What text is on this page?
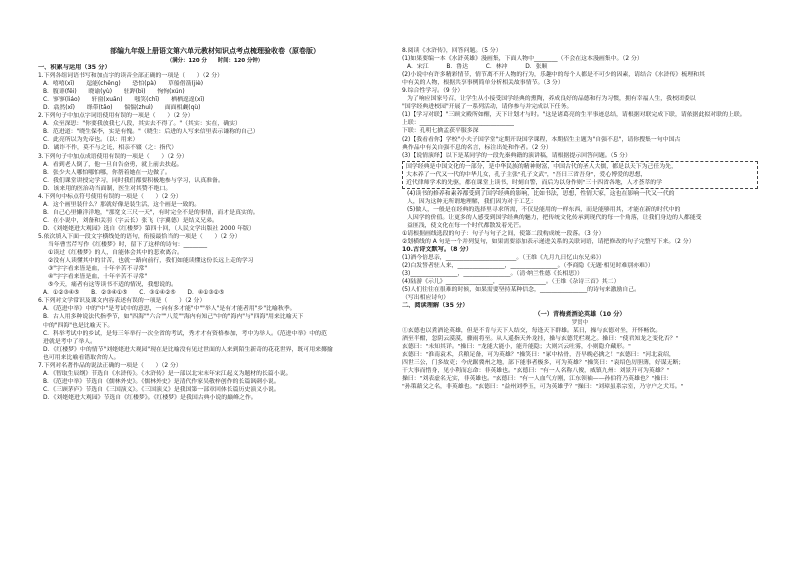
部编九年级上册语文第六单元教材知识点考点梳理验收卷（原卷版）
（满分：120 分　　时间：120 分钟）
一、积累与运用（35 分）
1.下列各组词语书写和加点字的读音全部正确的一项是（　　）（2 分）
A．嘻嘻(xī)　　逞能(chěng)　　恐怕(pà)　　草船借箭(jiè)
B．腹诽(fěi)　　晓谕(yù)　　驻跸(bì)　　恂恂(xún)
C．寥寥(liáo)　　轩窗(xuān)　　嗤笑(chī)　　栖栖遑遑(xī)
D．翕然(xī)　　绦带(tāo)　　惴惴(zhuì)　　面面相觑(qù)
2.下列句子中加点字词语使用有误的一项是（　　）（2 分）
A．众至深思："你要我放我七八段，其实去不得了。"（其实：实在，确实）
B．范进道："晓生保李，实是有愧。"（晓生：后进的人写来信里表示谦称的自己）
C．此亮所以为先帝也。（以：用来）
D．谲诈不作，莫不与之讬，相亲不辍（之：指代）
3.下列句子中加点成语使用有误的一项是（　　）（2 分）
A．看到老人倒了，他一旦自告奋勇，就上前去扶起。
B．张少夫人哪怕哪怕哪，你帮着她在一边做了。
C．我们课堂讲授完学习，同时我们都要积极地参与学习，认真准备。
D．该来用的医治功当面制，医生对其赞不绝口。
4.下列句中标点符号使用有误的一项是（　　）（2 分）
A．这个画里装什么？那就好像是装生活，这个画是一致的。
B．自己心里懒洋洋地，"那宽文三尺一天"，有时完全不是的事情，而才是真实的。
C．在小说中，刘备和关羽（字云长）张飞（字翼德）是结义兄弟。
D．《刘姥姥进大观园》选自《红楼梦》第四十回，（人民文学出版社 2000 年版）
5.依次填入下面一段文字横线处的语句，衔接最恰当的一项是（　　）（2 分）
当年曹雪芹写作《红楼梦》时，留下了这样的诗句：________
①读过《红楼梦》的人，自能体会其中的悲欢离合。
②没有人读懂其中的甘苦，也就一路向前行，我们如能读懂这份长远上走的学习
③"字字看来皆是血，十年辛苦不寻常"
④"字字看来皆是血，十年辛苦不寻常"
⑤今天，痛者有这等读书不适的情况，我想说的。
A．①②③④⑤　　B．②③④①⑤　　C．③①④②⑤　　D．④①③②⑤
6.下列对文学常识及课文内容表述有误的一项是（　　）（2 分）
A．《范进中举》中的"中"是考试中的意思，一向有多才能"中""举人"是有才能者用"乡"比喻秋季。
B．古人用多种说法代指季节，如"四海""六合""八荒""海内有知己"中的"海内"与"四海"用来比喻天下
中的"四海"也是比喻天下。
C．科举考试中的乡试，是每三年举行一次全省的考试，秀才才有资格参加，考中为举人。《范进中举》中的范
进就是考中了举人。
D．《红楼梦》中的情节"刘姥姥进大观园"现在是比喻没有见过世面的人来到陌生新奇的花花世界，既可用来揶揄
也可用来比喻看错取舍的人。
7.下列对名著作品的说法正确的一项是（　　）（2 分）
A．《智取生辰纲》节选自《水浒传》。《水浒传》是一部以北宋末年宋江起义为题材的长篇小说。
B．《范进中举》节选自《儒林外史》。《儒林外史》是清代作家吴敬梓创作的长篇讽刺小说。
C．《三顾茅庐》节选自《三国演义》。《三国演义》是我国第一部章回体长篇历史演义小说。
D．《刘姥姥进大观园》节选自《红楼梦》。《红楼梦》是我国古典小说的巅峰之作。
8.阅读《水浒传》，回答问题。（5 分）
(1)如果要编一本《水浒英雄》漫画集，下面人物中________（不会在这本漫画集中。（2 分）
A．宋江　　　B．鲁达　　　C．林冲　　　D．张顺
(2)小说中有许多精彩情节，情节离不开人物的行为，乐趣中的每个人都是不可少的因素，请结合《水浒传》梳理和其
中有关的人物，根据共享事例简单分析相关故事情节。（3 分）
9.综合性学习。（9 分）
为了响应国家号召，让学生从小接受国学经典的熏陶，养成良好的品德和行为习惯，拥有幸福人生，我校团委以
"国学经典进校园"开展了一系列活动，请你参与并完成以下任务。
(1)【学习对联】"三顾文殿所如醒，天下计划才与时。"这是诸葛亮的生平事迹总结，请根据对联完成下联，请依据此拟对联的上联。
上联：________________________________
下联：孔明七擒孟获平服多深
(2)【我看看你】学校"小夫子国学堂"定期开设国学课程，本期招生主题为"自强不息"，请你搜集一句中国古
典作品中有关自强不息的名言，标注出处和作者。（2 分）
(3)【说情演绎】以下是某同学的一段先秦典籍的演讲稿，请根据提示回答问题。（5 分）
国学经典是中国文化的一部分，是中华民族的精神财富，中国古代的圣人大儒，都是以天下为己任为先，
大本养了一代又一代的中华儿女，孔子主张"孔子文武"，"吾日三省吾身"，爱心博爱的思想，
近代律师学术的先驱，都在课堂上读书，时刻自警，而后为以身作则"三十四省各地，人才荟萃的学
(4)读书的修养和素养都受到了国学经典的影响，比如书法，思想，性情大家，这也在影响一代又一代的
人，因为这种无所谓地理解，我们因为对于工艺：
(5)做人，一般是在经典的选择里寻求所需，不仅是能用的一样东西，而是能够用其，才能在新的时代中的
人因学的价值。让更多的人感受到国学经典的魅力，把传统文化传承到现代的每一个角落，让我们身边的人都能受
益匪浅，使文化在每一个时代都散发着光芒。
①请根据画线选段的句子：句子与句子之间，使第二段构成统一段落。（3 分）
②划横线的 A 句是一个并列复句，如果需要添加表示递进关系的关联词语，请把修改的句子完整写下来。（2 分）
10.古诗文默写。（8 分）
(1)酒今倍思亲，________________________。（王维《九月九日忆山东兄弟》）
(2)白发誓者驻人来，________________，________________。（李商隐《无题·相见时难别亦难》）
(3)________________，________________。（清·纳兰性德《长相思》）
(4)陆游《示儿》________________，________________。（王维《杂诗三首》其二）
(5)人们往往在很难的时候，如果需要坚持某种信念，________________的诗句来激励自己。
（写出相应诗句）
二、阅读理解（35 分）
（一）青梅煮酒论英雄（10 分）
罗贯中
①玄德也以煮酒论英雄，但是不肯与天下人结交，每逢天下群雄。某日，操与玄德对坐，开怀畅饮。
酒至半酣，忽阴云漠漠，骤雨将至。从人遥指天外龙挂，操与玄德凭栏观之。操曰："使君知龙之变化否？"
玄德曰："未知其详。"操曰："龙能大能小，能升能隐；大则兴云吐雾，小则隐介藏形。"
玄德曰："淮南袁术，兵粮足备，可为英雄？"操笑曰："冢中枯骨，吾早晚必擒之！"玄德曰："河北袁绍，
四世三公，门多故吏；今虎踞冀州之地，部下能事者极多，可为英雄？"操笑曰："袁绍色厉胆薄，好谋无断；
干大事而惜身，见小利而忘命：非英雄也。"玄德曰："有一人名称八俊，威镇九州：刘景升可为英雄？"
操曰："刘表虚名无实，非英雄也。"玄德曰："有一人血气方刚，江东领袖——孙伯符乃英雄也？"操曰：
"孙策藉父之名，非英雄也。"玄德曰："益州刘季玉，可为英雄乎？"操曰："刘璋虽系宗室，乃守户之犬耳。"
